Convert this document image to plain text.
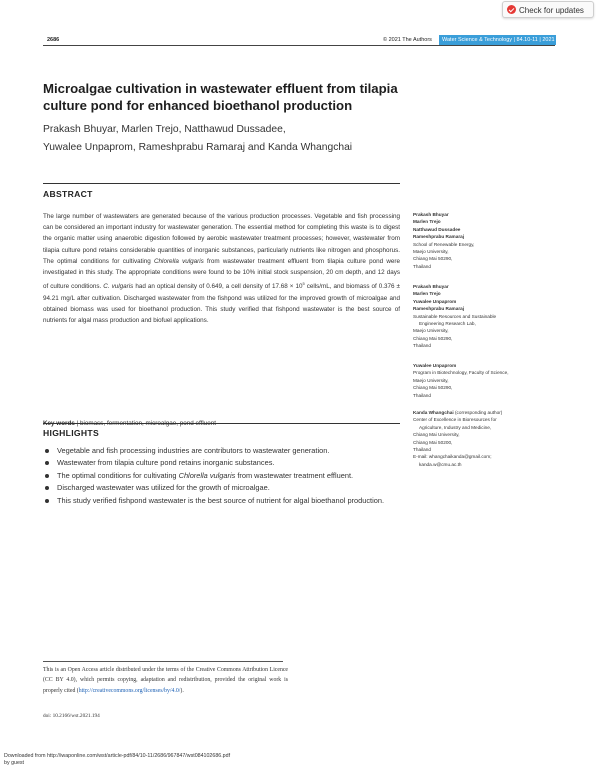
Check for updates
2686	© 2021 The Authors	Water Science & Technology | 84.10-11 | 2021
Microalgae cultivation in wastewater effluent from tilapia culture pond for enhanced bioethanol production
Prakash Bhuyar, Marlen Trejo, Natthawud Dussadee,
Yuwalee Unpaprom, Rameshprabu Ramaraj and Kanda Whangchai
ABSTRACT
The large number of wastewaters are generated because of the various production processes. Vegetable and fish processing can be considered an important industry for wastewater generation. The essential method for completing this waste is to digest the organic matter using anaerobic digestion followed by aerobic wastewater treatment processes; however, wastewater from tilapia culture pond retains considerable quantities of inorganic substances, particularly nutrients like nitrogen and phosphorus. The optimal conditions for cultivating Chlorella vulgaris from wastewater treatment effluent from tilapia culture pond were investigated in this study. The appropriate conditions were found to be 10% initial stock suspension, 20 cm depth, and 12 days of culture conditions. C. vulgaris had an optical density of 0.649, a cell density of $17.68 \times 10^5$ cells/mL, and biomass of 0.376 ± 94.21 mg/L after cultivation. Discharged wastewater from the fishpond was utilized for the improved growth of microalgae and obtained biomass was used for bioethanol production. This study verified that fishpond wastewater is the best source of nutrients for algal mass production and biofuel applications.
HIGHLIGHTS
Vegetable and fish processing industries are contributors to wastewater generation.
Wastewater from tilapia culture pond retains inorganic substances.
The optimal conditions for cultivating Chlorella vulgaris from wastewater treatment effluent.
Discharged wastewater was utilized for the growth of microalgae.
This study verified fishpond wastewater is the best source of nutrient for algal bioethanol production.
Prakash Bhuyar
Marlen Trejo
Natthawud Dussadee
Rameshprabu Ramaraj
School of Renewable Energy,
Maejo University,
Chiang Mai 50290,
Thailand
Prakash Bhuyar
Marlen Trejo
Yuwalee Unpaprom
Rameshprabu Ramaraj
Sustainable Resources and Sustainable
Engineering Research Lab,
Maejo University,
Chiang Mai 50290,
Thailand
Yuwalee Unpaprom
Program in Biotechnology, Faculty of Science,
Maejo University,
Chiang Mai 50290,
Thailand
Kanda Whangchai (corresponding author)
Center of Excellence in Bioresources for
Agriculture, Industry and Medicine,
Chiang Mai University,
Chiang Mai 50200,
Thailand
E-mail: whangchaikanda@gmail.com;
kanda.w@cmu.ac.th
This is an Open Access article distributed under the terms of the Creative Commons Attribution Licence (CC BY 4.0), which permits copying, adaptation and redistribution, provided the original work is properly cited (http://creativecommons.org/licenses/by/4.0/).
doi: 10.2166/wst.2021.194
Downloaded from http://iwaponline.com/wst/article-pdf/84/10-11/2686/967847/wst084102686.pdf
by guest
